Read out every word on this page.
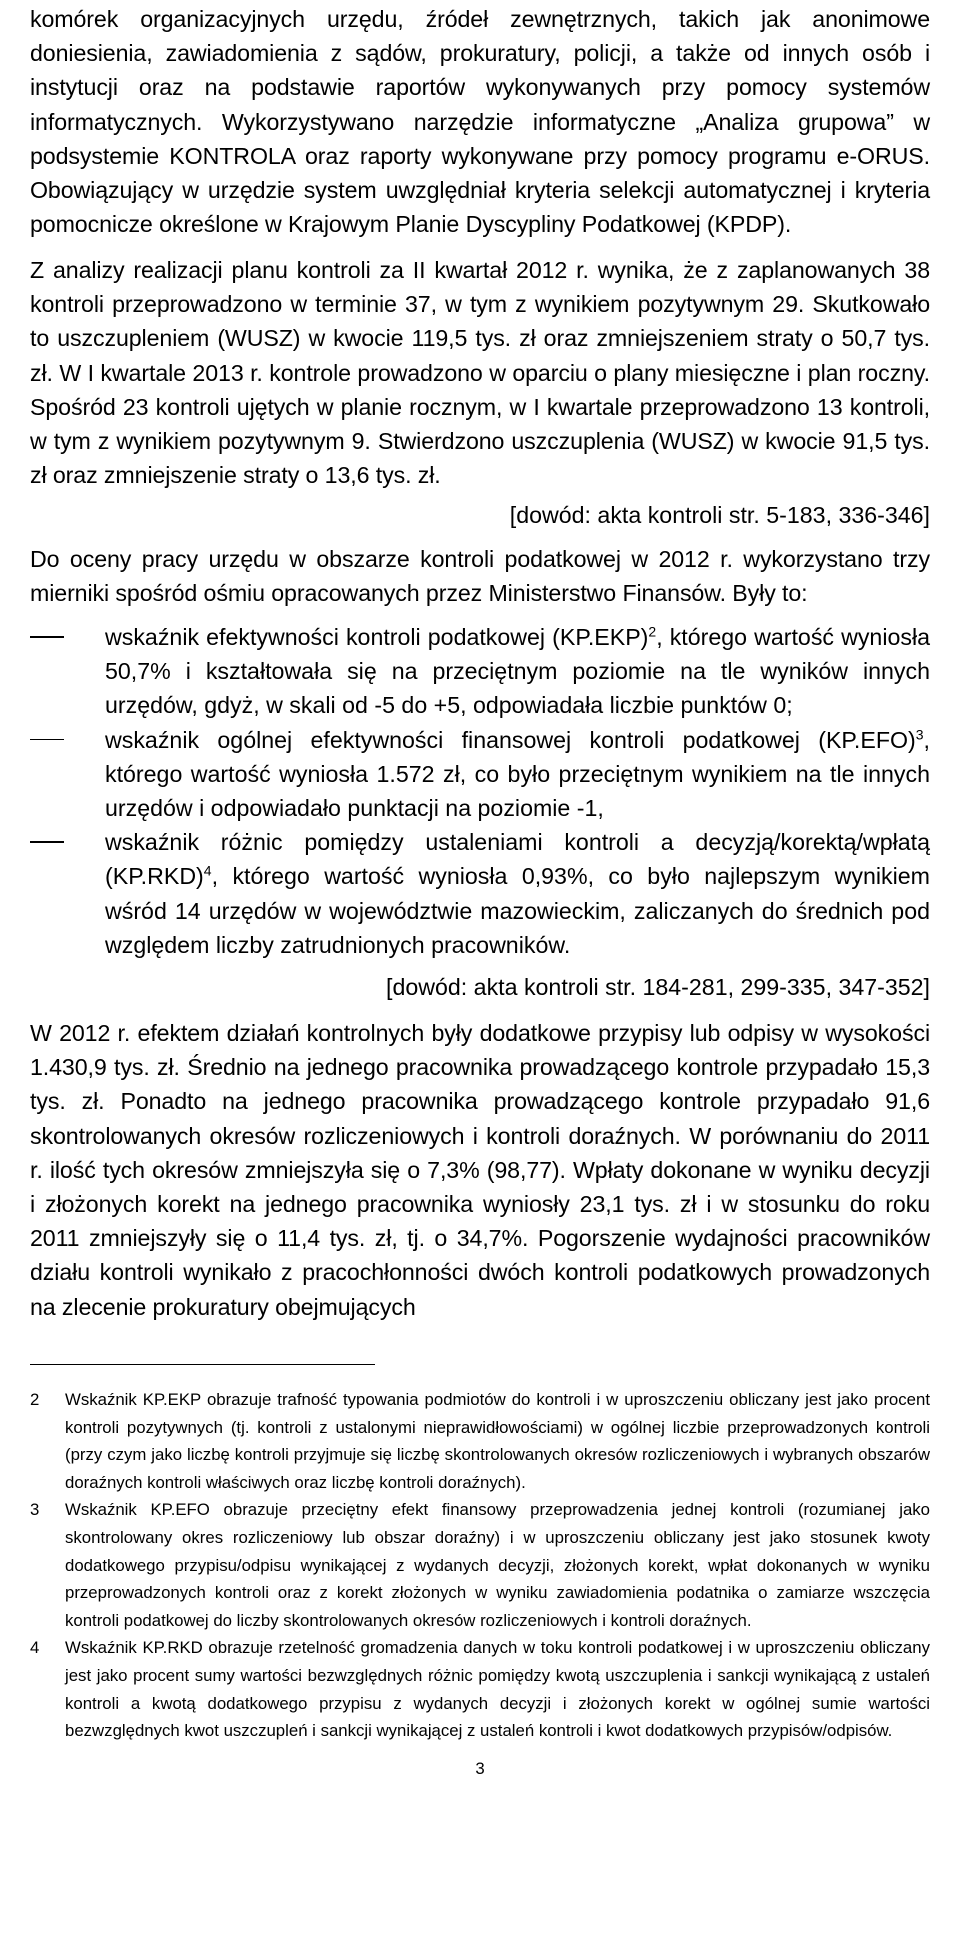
komórek organizacyjnych urzędu, źródeł zewnętrznych, takich jak anonimowe doniesienia, zawiadomienia z sądów, prokuratury, policji, a także od innych osób i instytucji oraz na podstawie raportów wykonywanych przy pomocy systemów informatycznych. Wykorzystywano narzędzie informatyczne „Analiza grupowa” w podsystemie KONTROLA oraz raporty wykonywane przy pomocy programu e-ORUS. Obowiązujący w urzędzie system uwzględniał kryteria selekcji automatycznej i kryteria pomocnicze określone w Krajowym Planie Dyscypliny Podatkowej (KPDP).

Z analizy realizacji planu kontroli za II kwartał 2012 r. wynika, że z zaplanowanych 38 kontroli przeprowadzono w terminie 37, w tym z wynikiem pozytywnym 29. Skutkowało to uszczupleniem (WUSZ) w kwocie 119,5 tys. zł oraz zmniejszeniem straty o 50,7 tys. zł. W I kwartale 2013 r. kontrole prowadzono w oparciu o plany miesięczne i plan roczny. Spośród 23 kontroli ujętych w planie rocznym, w I kwartale przeprowadzono 13 kontroli, w tym z wynikiem pozytywnym 9. Stwierdzono uszczuplenia (WUSZ) w kwocie 91,5 tys. zł oraz zmniejszenie straty o 13,6 tys. zł.

[dowód: akta kontroli str. 5-183, 336-346]

Do oceny pracy urzędu w obszarze kontroli podatkowej w 2012 r. wykorzystano trzy mierniki spośród ośmiu opracowanych przez Ministerstwo Finansów. Były to:

wskaźnik efektywności kontroli podatkowej $(KP.EKP)^2$, którego wartość wyniosła 50,7% i kształtowała się na przeciętnym poziomie na tle wyników innych urzędów, gdyż, w skali od -5 do +5, odpowiadała liczbie punktów 0;
wskaźnik ogólnej efektywności finansowej kontroli podatkowej $(KP.EFO)^3$, którego wartość wyniosła 1.572 zł, co było przeciętnym wynikiem na tle innych urzędów i odpowiadało punktacji na poziomie -1,
wskaźnik różnic pomiędzy ustaleniami kontroli a decyzją/korektą/wpłatą $(KP.RKD)^4$, którego wartość wyniosła 0,93%, co było najlepszym wynikiem wśród 14 urzędów w województwie mazowieckim, zaliczanych do średnich pod względem liczby zatrudnionych pracowników.
[dowód: akta kontroli str. 184-281, 299-335, 347-352]

W 2012 r. efektem działań kontrolnych były dodatkowe przypisy lub odpisy w wysokości 1.430,9 tys. zł. Średnio na jednego pracownika prowadzącego kontrole przypadało 15,3 tys. zł. Ponadto na jednego pracownika prowadzącego kontrole przypadało 91,6 skontrolowanych okresów rozliczeniowych i kontroli doraźnych. W porównaniu do 2011 r. ilość tych okresów zmniejszyła się o 7,3% (98,77). Wpłaty dokonane w wyniku decyzji i złożonych korekt na jednego pracownika wyniosły 23,1 tys. zł i w stosunku do roku 2011 zmniejszyły się o 11,4 tys. zł, tj. o 34,7%. Pogorszenie wydajności pracowników działu kontroli wynikało z pracochłonności dwóch kontroli podatkowych prowadzonych na zlecenie prokuratury obejmujących

2 Wskaźnik KP.EKP obrazuje trafność typowania podmiotów do kontroli i w uproszczeniu obliczany jest jako procent kontroli pozytywnych (tj. kontroli z ustalonymi nieprawidłowościami) w ogólnej liczbie przeprowadzonych kontroli (przy czym jako liczbę kontroli przyjmuje się liczbę skontrolowanych okresów rozliczeniowych i wybranych obszarów doraźnych kontroli właściwych oraz liczbę kontroli doraźnych).

3 Wskaźnik KP.EFO obrazuje przeciętny efekt finansowy przeprowadzenia jednej kontroli (rozumianej jako skontrolowany okres rozliczeniowy lub obszar doraźny) i w uproszczeniu obliczany jest jako stosunek kwoty dodatkowego przypisu/odpisu wynikającej z wydanych decyzji, złożonych korekt, wpłat dokonanych w wyniku przeprowadzonych kontroli oraz z korekt złożonych w wyniku zawiadomienia podatnika o zamiarze wszczęcia kontroli podatkowej do liczby skontrolowanych okresów rozliczeniowych i kontroli doraźnych.

4 Wskaźnik KP.RKD obrazuje rzetelność gromadzenia danych w toku kontroli podatkowej i w uproszczeniu obliczany jest jako procent sumy wartości bezwzględnych różnic pomiędzy kwotą uszczuplenia i sankcji wynikającą z ustaleń kontroli a kwotą dodatkowego przypisu z wydanych decyzji i złożonych korekt w ogólnej sumie wartości bezwzględnych kwot uszczupleń i sankcji wynikającej z ustaleń kontroli i kwot dodatkowych przypisów/odpisów.

3
